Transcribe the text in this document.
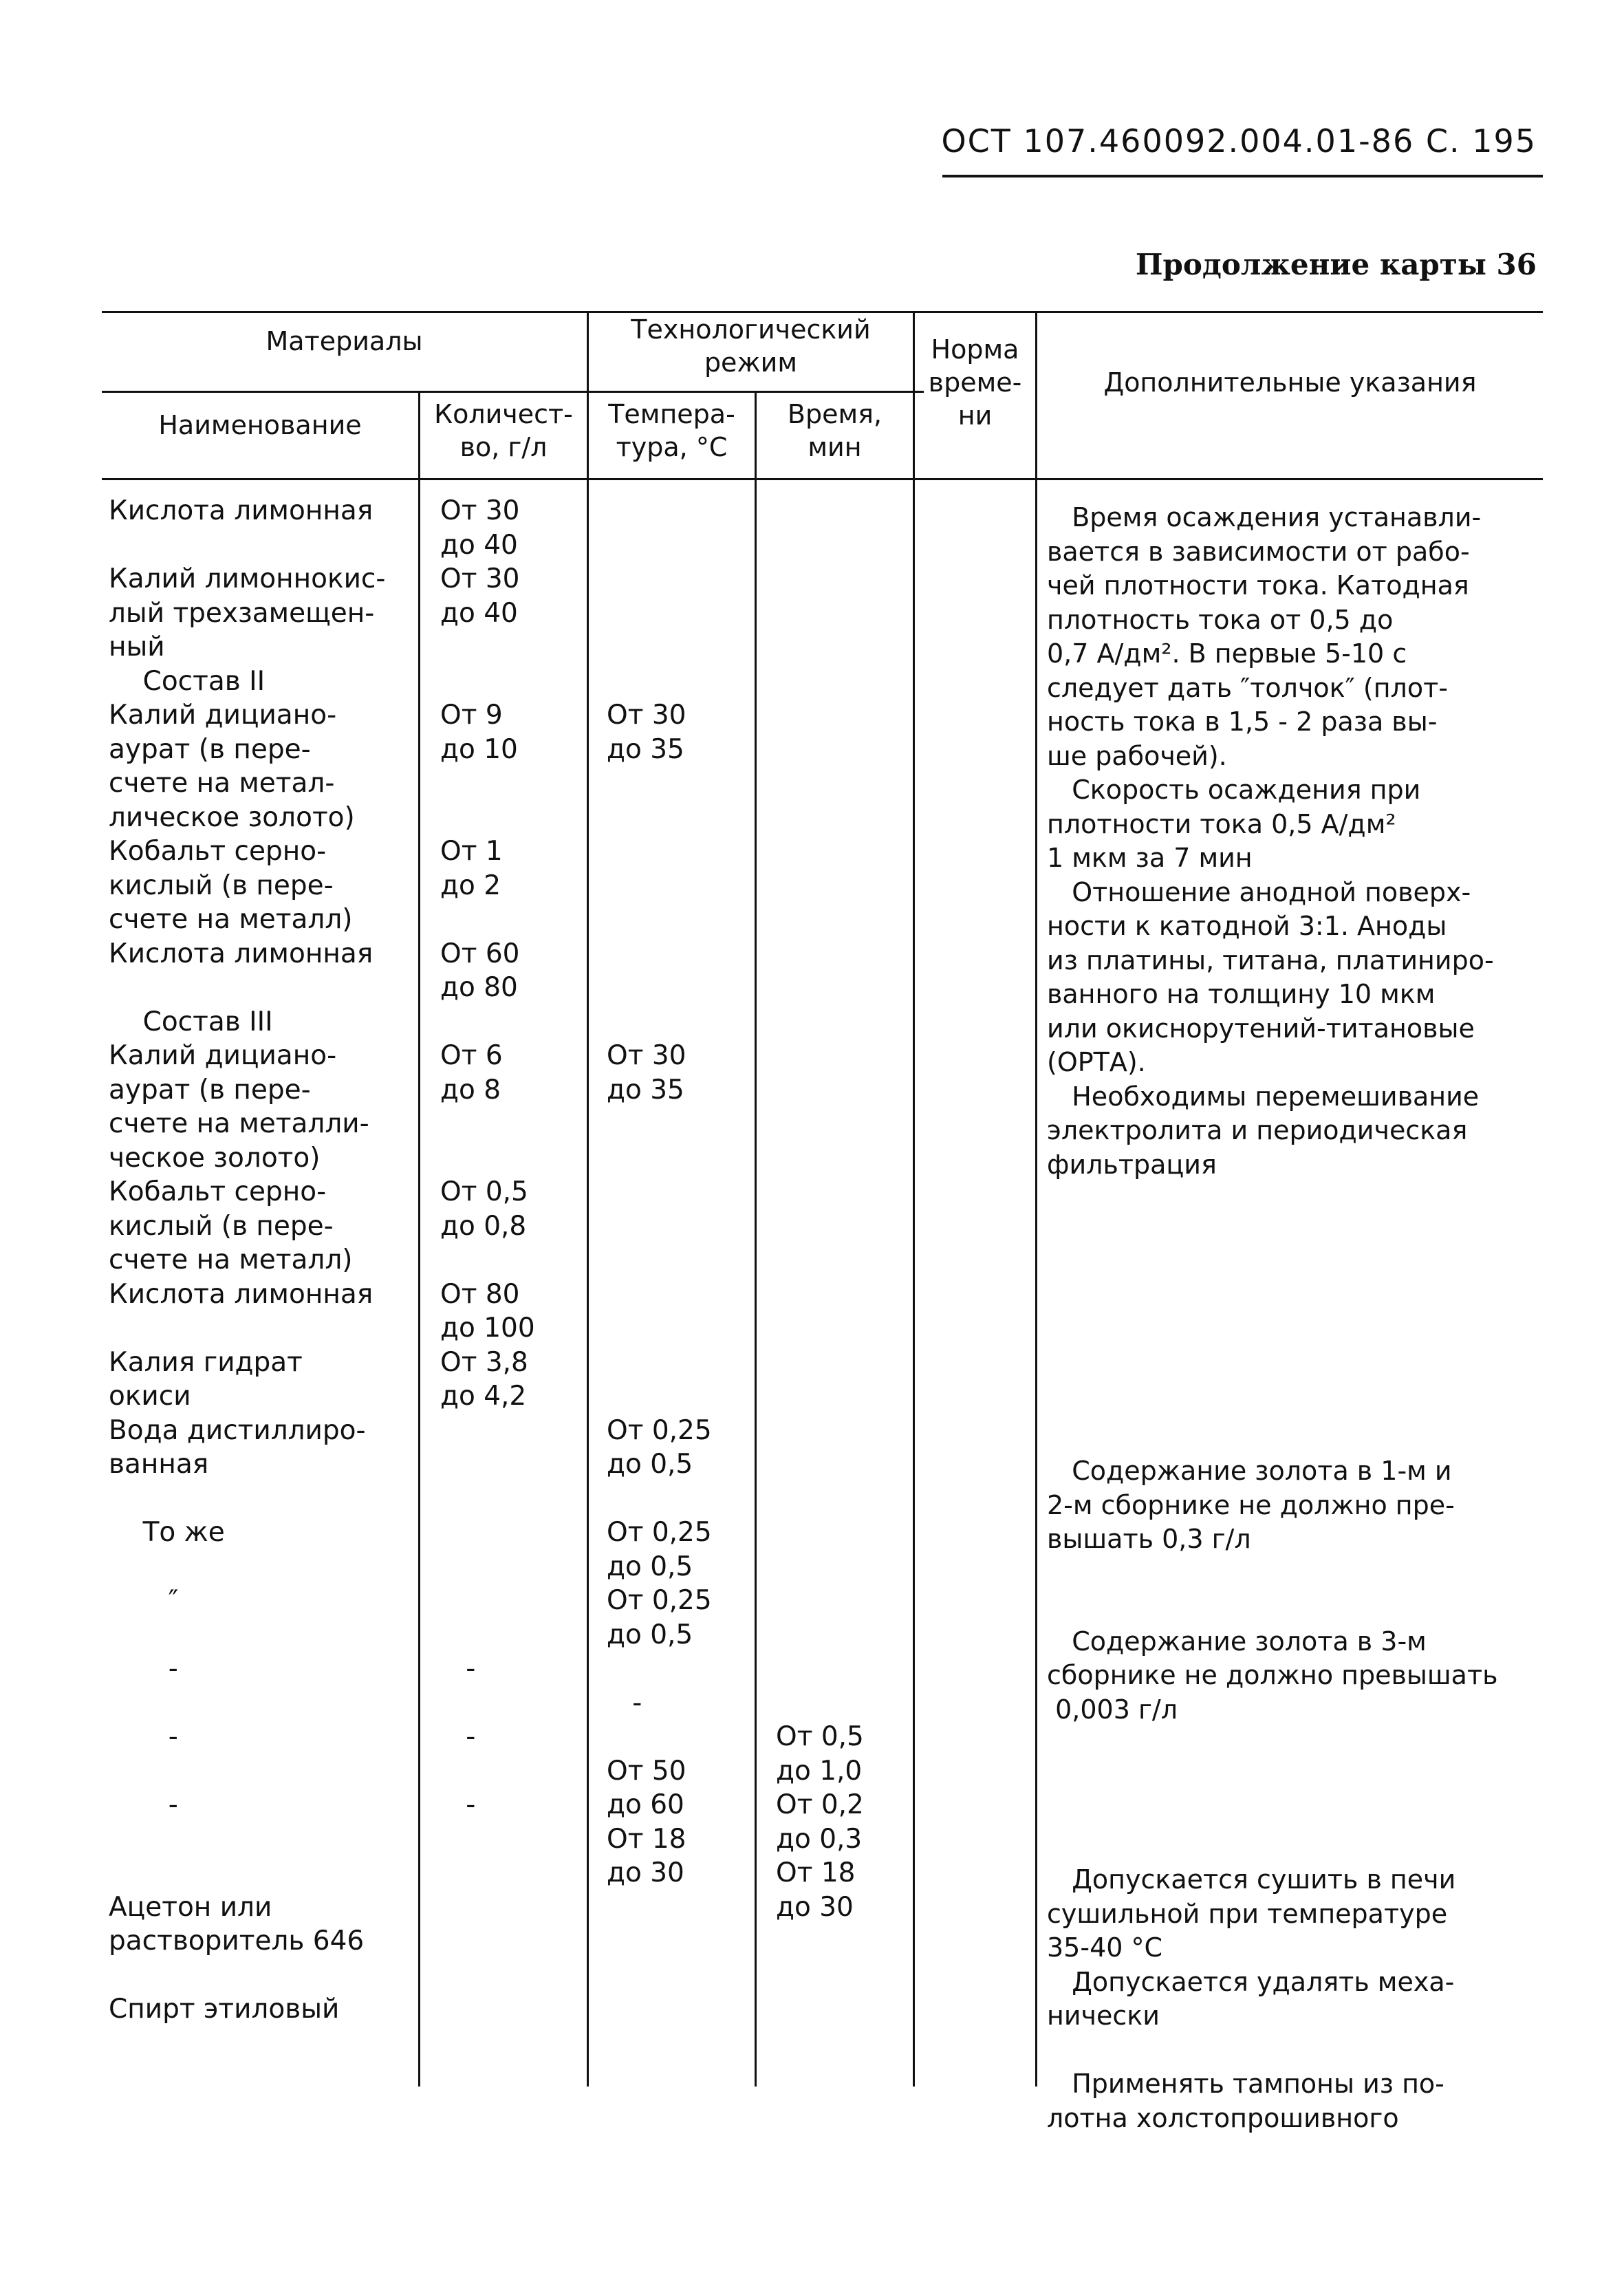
ОСТ 107.460092.004.01-86 С. 195
Продолжение карты 36
Материалы
Наименование	Количест-
во, г/л
Технологический
режим
Темпера-
тура, °С
Время,
мин
Норма
време-
ни
Дополнительные указания
Кислота лимонная

Калий лимоннокис-
лый трехзамещен-
ный
Состав II
Калий дициано-
аурат (в пере-
счете на метал-
лическое золото)
Кобальт серно-
кислый (в пере-
счете на металл)
Кислота лимонная

Состав III
Калий дициано-
аурат (в пере-
счете на металли-
ческое золото)
Кобальт серно-
кислый (в пере-
счете на металл)
Кислота лимонная

Калия гидрат
окиси
Вода дистиллиро-
ванная

То же

″

-

-

-

Ацетон или
растворитель 646

Спирт этиловый
От 30
до 40
От 30
до 40

От 9
до 10

От 1
до 2

От 60
до 80

От 6
до 8

От 0,5
до 0,8

От 80
до 100
От 3,8
до 4,2

-

-

-

От 30
до 35

От 30
до 35

От 0,25
до 0,5

От 0,25
до 0,5
От 0,25
до 0,5

-

От 50
до 60
От 18
до 30

От 0,5
до 1,0
От 0,2
до 0,3
От 18
до 30
Время осаждения устанавли-
вается в зависимости от рабо-
чей плотности тока. Катодная
плотность тока от 0,5 до
0,7 А/дм². В первые 5-10 с
следует дать ″толчок″ (плот-
ность тока в 1,5 - 2 раза вы-
ше рабочей).
Скорость осаждения при
плотности тока 0,5 А/дм²
1 мкм за 7 мин
Отношение анодной поверх-
ности к катодной 3:1. Аноды
из платины, титана, платиниро-
ванного на толщину 10 мкм
или окиснорутений-титановые
(ОРТА).
Необходимы перемешивание
электролита и периодическая
фильтрация

Содержание золота в 1-м и
2-м сборнике не должно пре-
вышать 0,3 г/л

Содержание золота в 3-м
сборнике не должно превышать
0,003 г/л

Допускается сушить в печи
сушильной при температуре
35-40 °С
Допускается удалять меха-
нически

Применять тампоны из по-
лотна холстопрошивного
